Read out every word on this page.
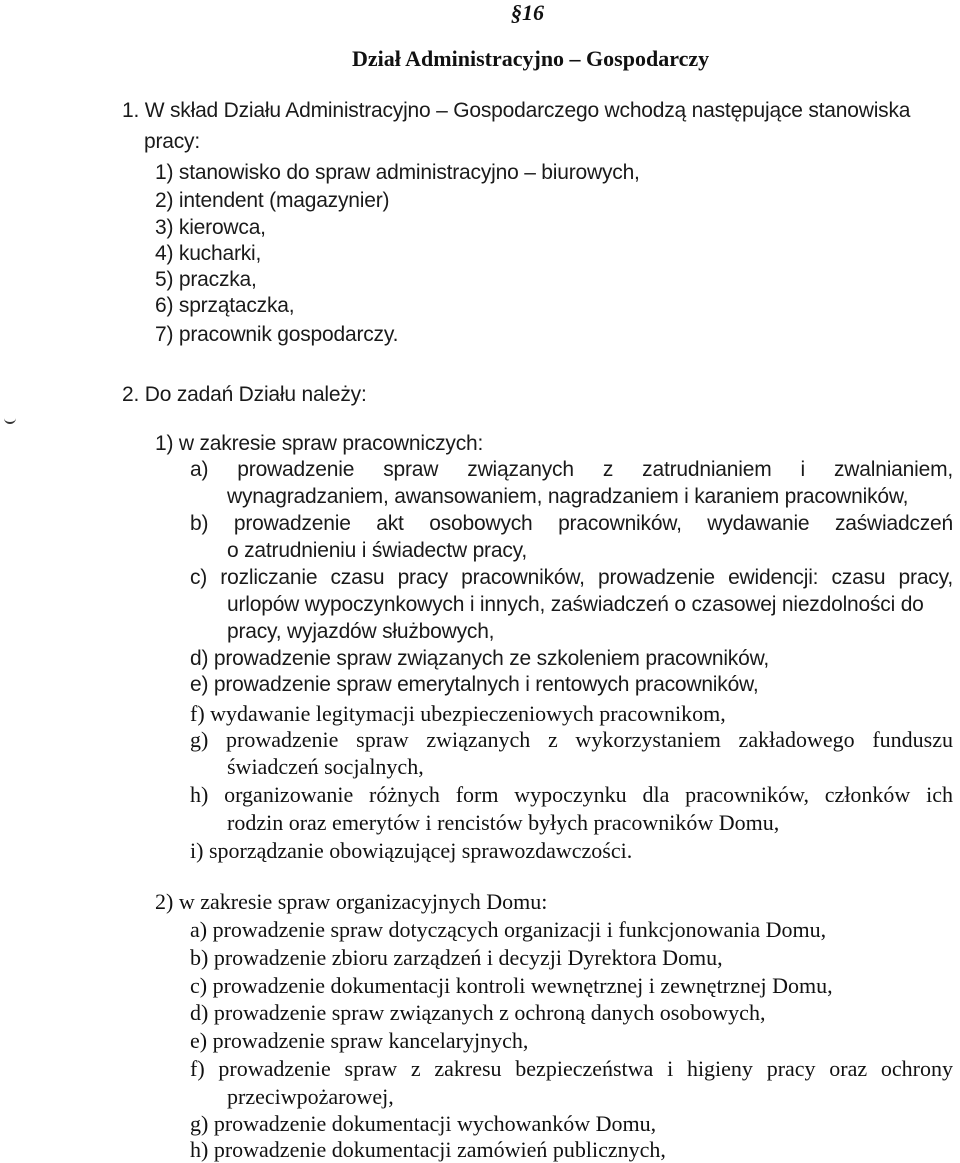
§16
Dział Administracyjno – Gospodarczy
1. W skład Działu Administracyjno – Gospodarczego wchodzą następujące stanowiska
pracy:
1) stanowisko do spraw administracyjno – biurowych,
2) intendent (magazynier)
3) kierowca,
4) kucharki,
5) praczka,
6) sprzątaczka,
7) pracownik gospodarczy.
2. Do zadań Działu należy:
1) w zakresie spraw pracowniczych:
a) prowadzenie spraw związanych z zatrudnianiem i zwalnianiem,
wynagradzaniem, awansowaniem, nagradzaniem i karaniem pracowników,
b) prowadzenie akt osobowych pracowników, wydawanie zaświadczeń
o zatrudnieniu i świadectw pracy,
c) rozliczanie czasu pracy pracowników, prowadzenie ewidencji: czasu pracy,
urlopów wypoczynkowych i innych, zaświadczeń o czasowej niezdolności do
pracy, wyjazdów służbowych,
d) prowadzenie spraw związanych ze szkoleniem pracowników,
e) prowadzenie spraw emerytalnych i rentowych pracowników,
f) wydawanie legitymacji ubezpieczeniowych pracownikom,
g) prowadzenie spraw związanych z wykorzystaniem zakładowego funduszu
świadczeń socjalnych,
h) organizowanie różnych form wypoczynku dla pracowników, członków ich
rodzin oraz emerytów i rencistów byłych pracowników Domu,
i) sporządzanie obowiązującej sprawozdawczości.
2) w zakresie spraw organizacyjnych Domu:
a) prowadzenie spraw dotyczących organizacji i funkcjonowania Domu,
b) prowadzenie zbioru zarządzeń i decyzji Dyrektora Domu,
c) prowadzenie dokumentacji kontroli wewnętrznej i zewnętrznej Domu,
d) prowadzenie spraw związanych z ochroną danych osobowych,
e) prowadzenie spraw kancelaryjnych,
f) prowadzenie spraw z zakresu bezpieczeństwa i higieny pracy oraz ochrony
przeciwpożarowej,
g) prowadzenie dokumentacji wychowanków Domu,
h) prowadzenie dokumentacji zamówień publicznych,
